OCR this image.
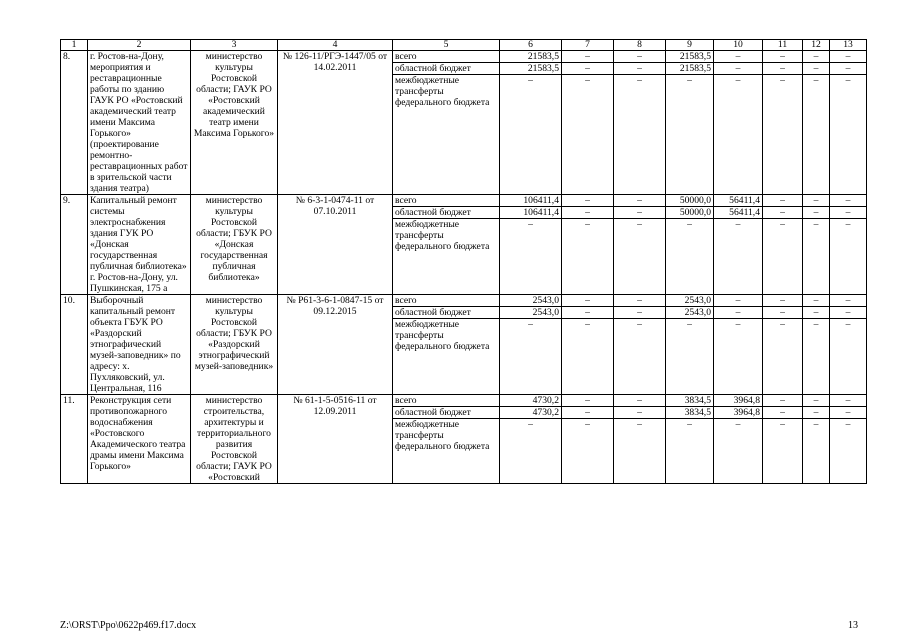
1	2	3	4	5	6	7	8	9	10	11	12	13
8.	г. Ростов-на-Дону, мероприятия и реставрационные работы по зданию ГАУК РО «Ростовский академический театр имени Максима Горького» (проектирование ремонтно-реставрационных работ в зрительской части здания театра)	министерство культуры Ростовской области; ГАУК РО «Ростовский академический театр имени Максима Горького»	№ 126-11/РГЭ-1447/05 от 14.02.2011	всего	21583,5	–	–	21583,5	–	–	–	–
				областной бюджет	21583,5	–	–	21583,5	–	–	–	–
				межбюджетные трансферты федерального бюджета	–	–	–	–	–	–	–	–
9.	Капитальный ремонт системы электроснабжения здания ГУК РО «Донская государственная публичная библиотека» г. Ростов-на-Дону, ул. Пушкинская, 175 а	министерство культуры Ростовской области; ГБУК РО «Донская государственная публичная библиотека»	№ 6-3-1-0474-11 от 07.10.2011	всего	106411,4	–	–	50000,0	56411,4	–	–	–
				областной бюджет	106411,4	–	–	50000,0	56411,4	–	–	–
				межбюджетные трансферты федерального бюджета	–	–	–	–	–	–	–	–
10.	Выборочный капитальный ремонт объекта ГБУК РО «Раздорский этнографический музей-заповедник» по адресу: х. Пухляковский, ул. Центральная, 116	министерство культуры Ростовской области; ГБУК РО «Раздорский этнографический музей-заповедник»	№ Р61-3-6-1-0847-15 от 09.12.2015	всего	2543,0	–	–	2543,0	–	–	–	–
				областной бюджет	2543,0	–	–	2543,0	–	–	–	–
				межбюджетные трансферты федерального бюджета	–	–	–	–	–	–	–	–
11.	Реконструкция сети противопожарного водоснабжения «Ростовского Академического театра драмы имени Максима Горького»	министерство строительства, архитектуры и территориального развития Ростовской области; ГАУК РО «Ростовский	№ 61-1-5-0516-11 от 12.09.2011	всего	4730,2	–	–	3834,5	3964,8	–	–	–
				областной бюджет	4730,2	–	–	3834,5	3964,8	–	–	–
				межбюджетные трансферты федерального бюджета	–	–	–	–	–	–	–	–
Z:\ORST\Ppo\0622p469.f17.docx	13
